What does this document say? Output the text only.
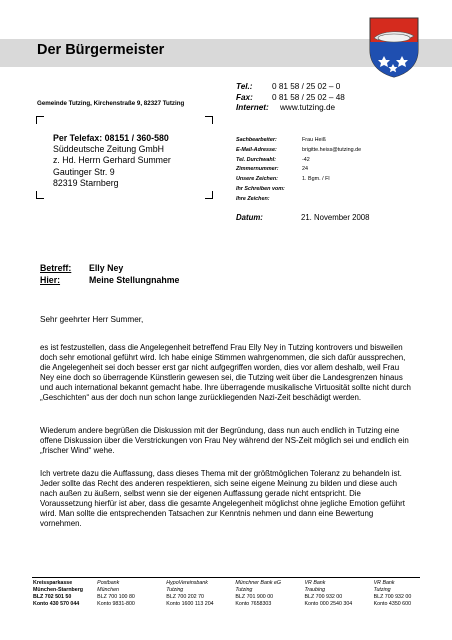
Der Bürgermeister
Gemeinde Tutzing, Kirchenstraße 9, 82327 Tutzing
Tel.: 0 81 58 / 25 02 – 0
Fax: 0 81 58 / 25 02 – 48
Internet: www.tutzing.de
Per Telefax: 08151 / 360-580
Süddeutsche Zeitung GmbH
z. Hd. Herrn Gerhard Summer
Gautinger Str. 9
82319 Starnberg
Sachbearbeiter:	Frau Heiß
E-Mail-Adresse:	brigitte.heiss@tutzing.de
Tel. Durchwahl:	-42
Zimmernummer:	24
Unsere Zeichen:	1. Bgm. / Fl
Ihr Schreiben vom:
Ihre Zeichen:
Datum:	21. November 2008
Betreff: Elly Ney
Hier:	Meine Stellungnahme
Sehr geehrter Herr Summer,
es ist festzustellen, dass die Angelegenheit betreffend Frau Elly Ney in Tutzing kontrovers und bisweilen doch sehr emotional geführt wird. Ich habe einige Stimmen wahrgenommen, die sich dafür aussprechen, die Angelegenheit sei doch besser erst gar nicht aufgegriffen worden, dies vor allem deshalb, weil Frau Ney eine doch so überragende Künstlerin gewesen sei, die Tutzing weit über die Landesgrenzen hinaus und auch international bekannt gemacht habe. Ihre überragende musikalische Virtuosität sollte nicht durch „Geschichten“ aus der doch nun schon lange zurückliegenden Nazi-Zeit beschädigt werden.
Wiederum andere begrüßen die Diskussion mit der Begründung, dass nun auch endlich in Tutzing eine offene Diskussion über die Verstrickungen von Frau Ney während der NS-Zeit möglich sei und endlich ein „frischer Wind“ wehe.
Ich vertrete dazu die Auffassung, dass dieses Thema mit der größtmöglichen Toleranz zu behandeln ist. Jeder sollte das Recht des anderen respektieren, sich seine eigene Meinung zu bilden und diese auch nach außen zu äußern, selbst wenn sie der eigenen Auffassung gerade nicht entspricht. Die Voraussetzung hierfür ist aber, dass die gesamte Angelegenheit möglichst ohne jegliche Emotion geführt wird. Man sollte die entsprechenden Tatsachen zur Kenntnis nehmen und dann eine Bewertung vornehmen.
Kreissparkasse
München-Starnberg
BLZ 702 501 50
Konto 430 570 044
Postbank
München
BLZ 700 100 80
Konto 9831-800
HypoVereinsbank
Tutzing
BLZ 700 202 70
Konto 1600 113 204
Münchner Bank eG
Tutzing
BLZ 701 900 00
Konto 7658303
VR Bank
Traubing
BLZ 700 932 00
Konto 000 2540 304
VR Bank
Tutzing
BLZ 700 932 00
Konto 4350 600
